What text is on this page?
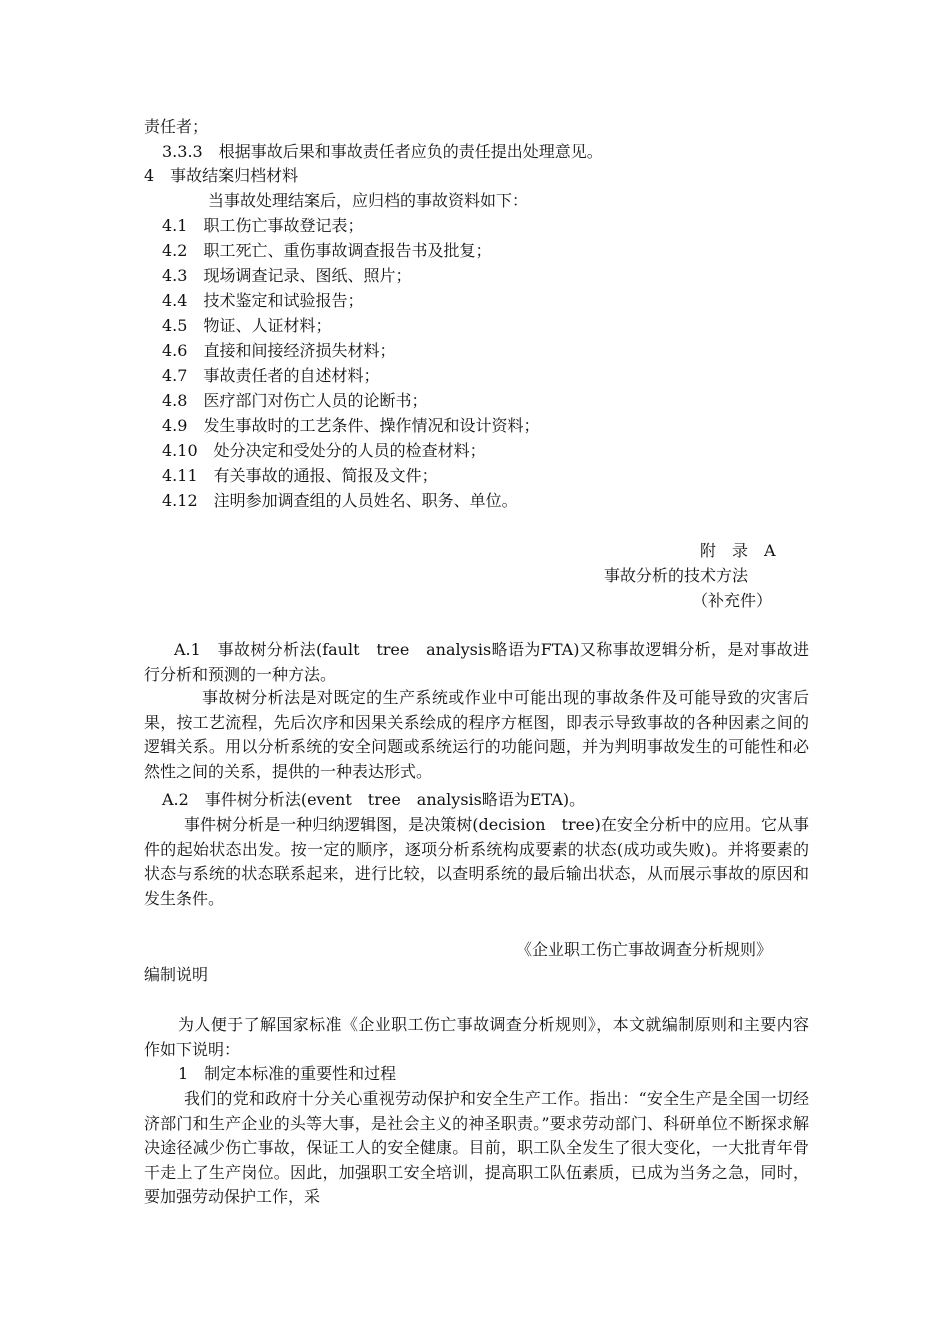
责任者；
3.3.3　根据事故后果和事故责任者应负的责任提出处理意见。
4　事故结案归档材料
当事故处理结案后，应归档的事故资料如下：
4.1　职工伤亡事故登记表；
4.2　职工死亡、重伤事故调查报告书及批复；
4.3　现场调查记录、图纸、照片；
4.4　技术鉴定和试验报告；
4.5　物证、人证材料；
4.6　直接和间接经济损失材料；
4.7　事故责任者的自述材料；
4.8　医疗部门对伤亡人员的论断书；
4.9　发生事故时的工艺条件、操作情况和设计资料；
4.10　处分决定和受处分的人员的检查材料；
4.11　有关事故的通报、简报及文件；
4.12　注明参加调查组的人员姓名、职务、单位。
附　录　A
事故分析的技术方法
（补充件）
A.1　事故树分析法(fault　tree　analysis略语为FTA)又称事故逻辑分析，是对事故进行分析和预测的一种方法。
事故树分析法是对既定的生产系统或作业中可能出现的事故条件及可能导致的灾害后果，按工艺流程，先后次序和因果关系绘成的程序方框图，即表示导致事故的各种因素之间的逻辑关系。用以分析系统的安全问题或系统运行的功能问题，并为判明事故发生的可能性和必然性之间的关系，提供的一种表达形式。
A.2　事件树分析法(event　tree　analysis略语为ETA)。
事件树分析是一种归纳逻辑图，是决策树(decision　tree)在安全分析中的应用。它从事件的起始状态出发。按一定的顺序，逐项分析系统构成要素的状态(成功或失败)。并将要素的状态与系统的状态联系起来，进行比较，以查明系统的最后输出状态，从而展示事故的原因和发生条件。
《企业职工伤亡事故调查分析规则》
编制说明
为人便于了解国家标准《企业职工伤亡事故调查分析规则》，本文就编制原则和主要内容作如下说明：
1　制定本标准的重要性和过程
我们的党和政府十分关心重视劳动保护和安全生产工作。指出：“安全生产是全国一切经济部门和生产企业的头等大事，是社会主义的神圣职责。”要求劳动部门、科研单位不断探求解决途径减少伤亡事故，保证工人的安全健康。目前，职工队全发生了很大变化，一大批青年骨干走上了生产岗位。因此，加强职工安全培训，提高职工队伍素质，已成为当务之急，同时，要加强劳动保护工作，采
